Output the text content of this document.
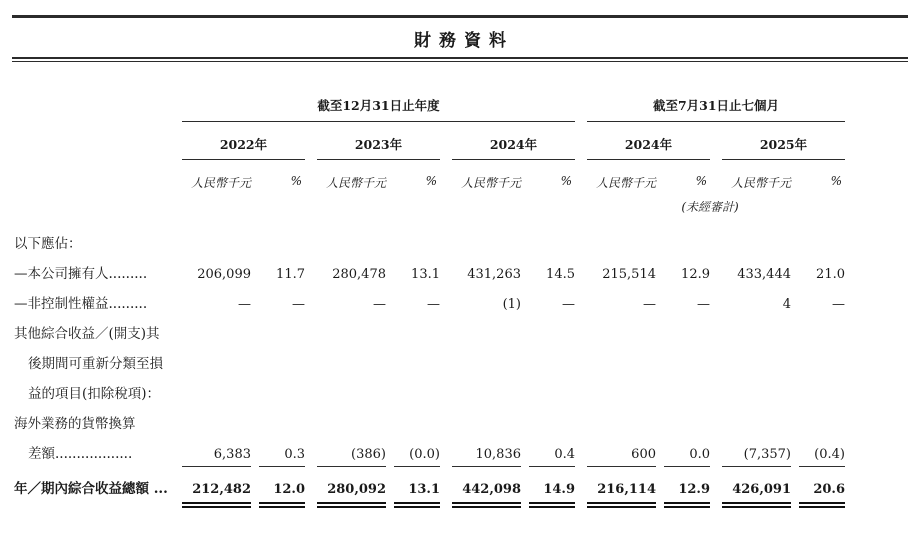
財務資料
截至12月31日止年度	截至7月31日止七個月
2022年	2023年	2024年	2024年	2025年
人民幣千元	%	人民幣千元	%	人民幣千元	%	人民幣千元	%	人民幣千元	%
(未經審計)
以下應佔：
—本公司擁有人.........	206,099	11.7	280,478	13.1	431,263	14.5	215,514	12.9	433,444	21.0
—非控制性權益.........	—	—	—	—	(1)	—	—	—	4	—
其他綜合收益／(開支)其
後期間可重新分類至損
益的項目(扣除稅項)：
海外業務的貨幣換算
差額..................	6,383	0.3	(386)	(0.0)	10,836	0.4	600	0.0	(7,357)	(0.4)
年／期內綜合收益總額 ...	212,482	12.0	280,092	13.1	442,098	14.9	216,114	12.9	426,091	20.6
